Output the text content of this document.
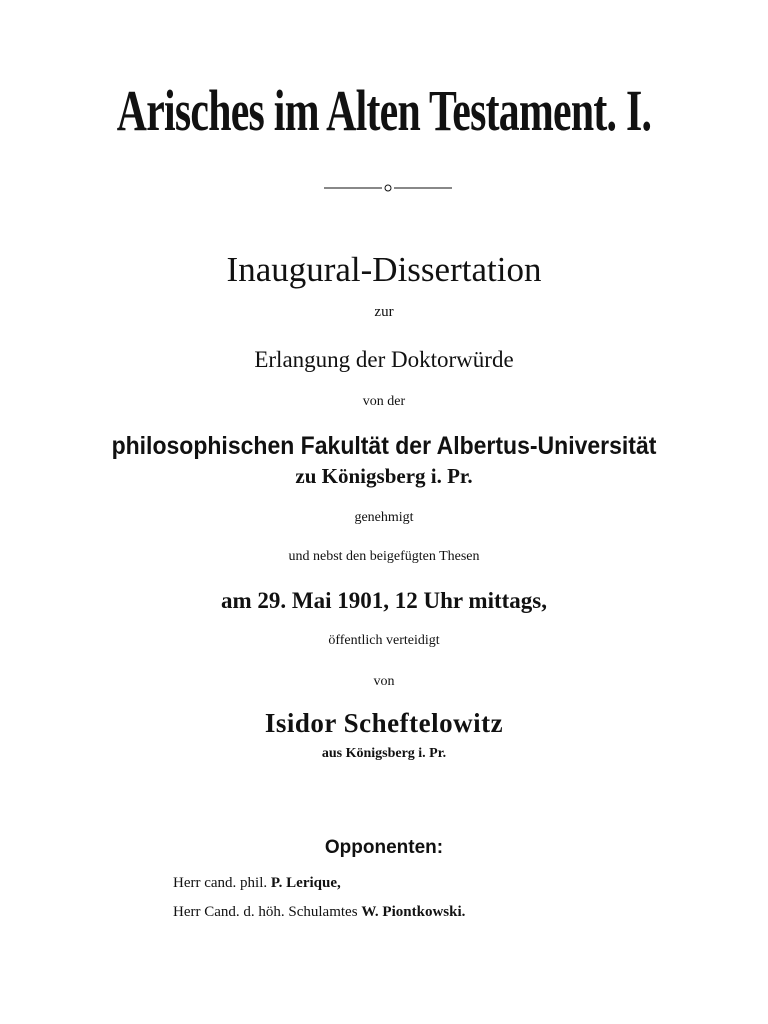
Arisches im Alten Testament. I.
Inaugural-Dissertation
zur
Erlangung der Doktorwürde
von der
philosophischen Fakultät der Albertus-Universität
zu Königsberg i. Pr.
genehmigt
und nebst den beigefügten Thesen
am 29. Mai 1901, 12 Uhr mittags,
öffentlich verteidigt
von
Isidor Scheftelowitz
aus Königsberg i. Pr.
Opponenten:
Herr cand. phil. P. Lerique,
Herr Cand. d. höh. Schulamtes W. Piontkowski.
